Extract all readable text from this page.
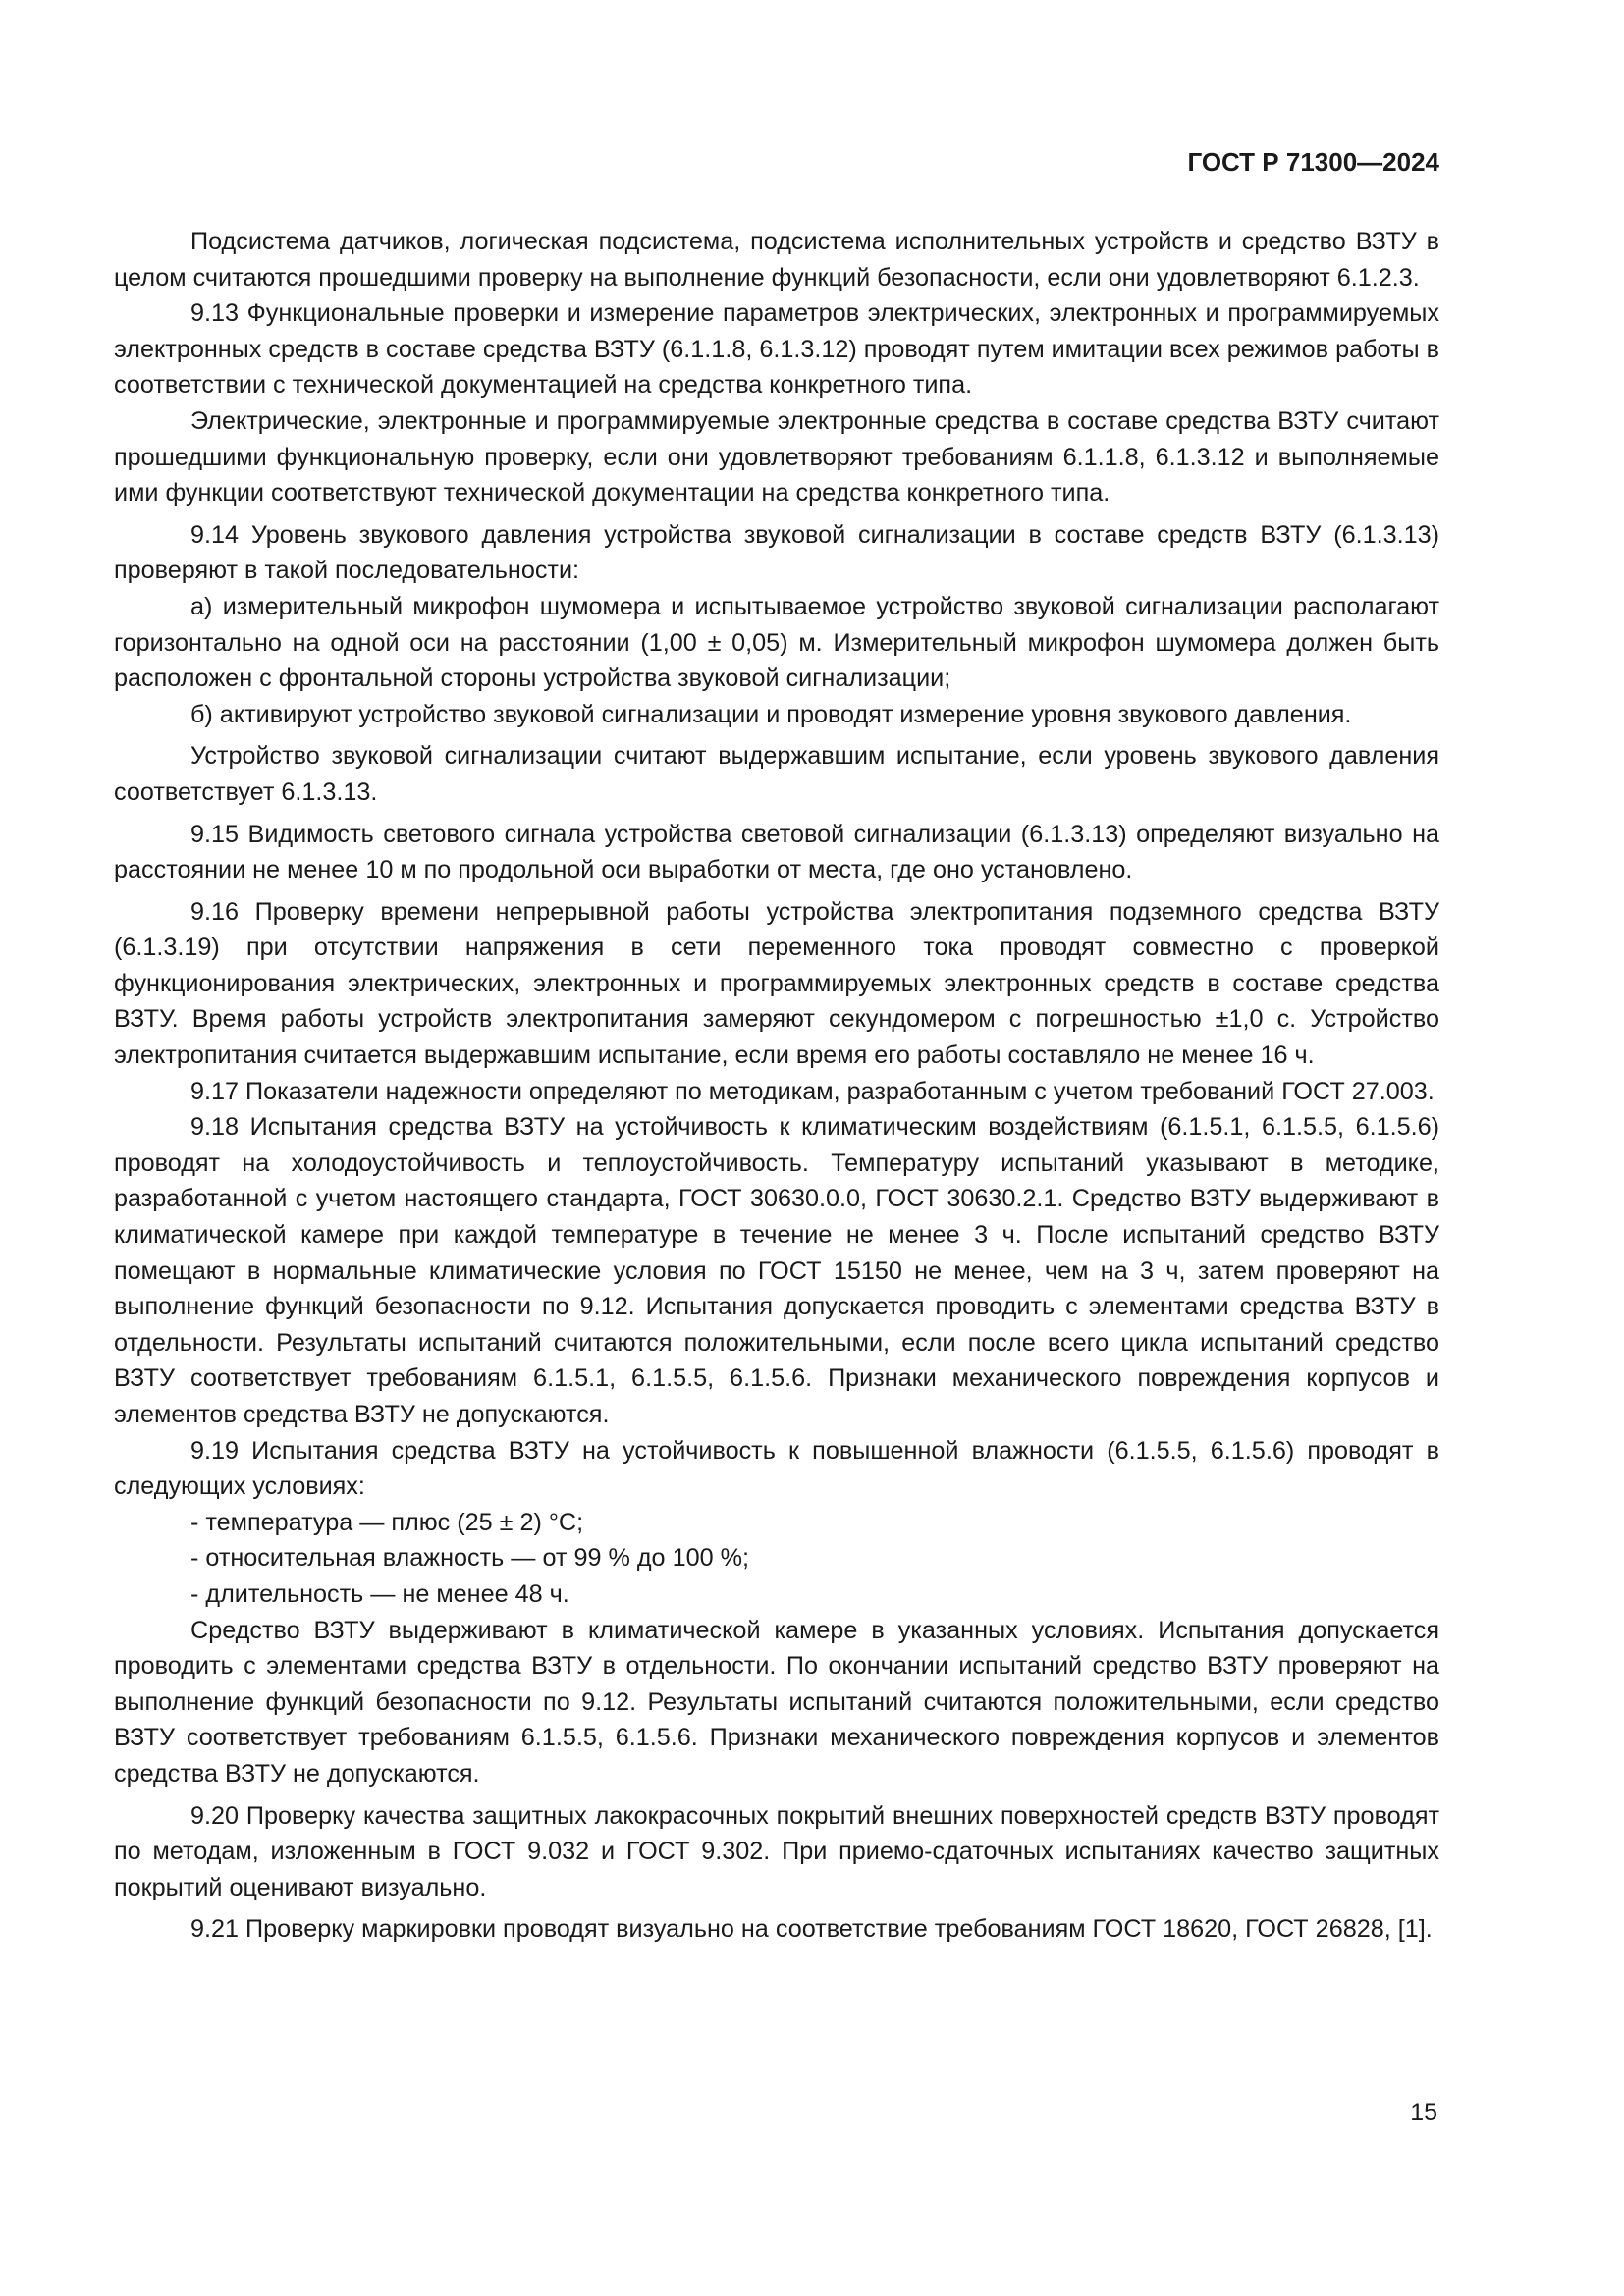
ГОСТ Р 71300—2024

Подсистема датчиков, логическая подсистема, подсистема исполнительных устройств и средство ВЗТУ в целом считаются прошедшими проверку на выполнение функций безопасности, если они удовлетворяют 6.1.2.3.

9.13 Функциональные проверки и измерение параметров электрических, электронных и программируемых электронных средств в составе средства ВЗТУ (6.1.1.8, 6.1.3.12) проводят путем имитации всех режимов работы в соответствии с технической документацией на средства конкретного типа.

Электрические, электронные и программируемые электронные средства в составе средства ВЗТУ считают прошедшими функциональную проверку, если они удовлетворяют требованиям 6.1.1.8, 6.1.3.12 и выполняемые ими функции соответствуют технической документации на средства конкретного типа.

9.14 Уровень звукового давления устройства звуковой сигнализации в составе средств ВЗТУ (6.1.3.13) проверяют в такой последовательности:

а) измерительный микрофон шумомера и испытываемое устройство звуковой сигнализации располагают горизонтально на одной оси на расстоянии (1,00 ± 0,05) м. Измерительный микрофон шумомера должен быть расположен с фронтальной стороны устройства звуковой сигнализации;

б) активируют устройство звуковой сигнализации и проводят измерение уровня звукового давления.

Устройство звуковой сигнализации считают выдержавшим испытание, если уровень звукового давления соответствует 6.1.3.13.

9.15 Видимость светового сигнала устройства световой сигнализации (6.1.3.13) определяют визуально на расстоянии не менее 10 м по продольной оси выработки от места, где оно установлено.

9.16 Проверку времени непрерывной работы устройства электропитания подземного средства ВЗТУ (6.1.3.19) при отсутствии напряжения в сети переменного тока проводят совместно с проверкой функционирования электрических, электронных и программируемых электронных средств в составе средства ВЗТУ. Время работы устройств электропитания замеряют секундомером с погрешностью ±1,0 с. Устройство электропитания считается выдержавшим испытание, если время его работы составляло не менее 16 ч.

9.17 Показатели надежности определяют по методикам, разработанным с учетом требований ГОСТ 27.003.

9.18 Испытания средства ВЗТУ на устойчивость к климатическим воздействиям (6.1.5.1, 6.1.5.5, 6.1.5.6) проводят на холодоустойчивость и теплоустойчивость. Температуру испытаний указывают в методике, разработанной с учетом настоящего стандарта, ГОСТ 30630.0.0, ГОСТ 30630.2.1. Средство ВЗТУ выдерживают в климатической камере при каждой температуре в течение не менее 3 ч. После испытаний средство ВЗТУ помещают в нормальные климатические условия по ГОСТ 15150 не менее, чем на 3 ч, затем проверяют на выполнение функций безопасности по 9.12. Испытания допускается проводить с элементами средства ВЗТУ в отдельности. Результаты испытаний считаются положительными, если после всего цикла испытаний средство ВЗТУ соответствует требованиям 6.1.5.1, 6.1.5.5, 6.1.5.6. Признаки механического повреждения корпусов и элементов средства ВЗТУ не допускаются.

9.19 Испытания средства ВЗТУ на устойчивость к повышенной влажности (6.1.5.5, 6.1.5.6) проводят в следующих условиях:

- температура — плюс (25 ± 2) °С;

- относительная влажность — от 99 % до 100 %;

- длительность — не менее 48 ч.

Средство ВЗТУ выдерживают в климатической камере в указанных условиях. Испытания допускается проводить с элементами средства ВЗТУ в отдельности. По окончании испытаний средство ВЗТУ проверяют на выполнение функций безопасности по 9.12. Результаты испытаний считаются положительными, если средство ВЗТУ соответствует требованиям 6.1.5.5, 6.1.5.6. Признаки механического повреждения корпусов и элементов средства ВЗТУ не допускаются.

9.20 Проверку качества защитных лакокрасочных покрытий внешних поверхностей средств ВЗТУ проводят по методам, изложенным в ГОСТ 9.032 и ГОСТ 9.302. При приемо-сдаточных испытаниях качество защитных покрытий оценивают визуально.

9.21 Проверку маркировки проводят визуально на соответствие требованиям ГОСТ 18620, ГОСТ 26828, [1].

15
